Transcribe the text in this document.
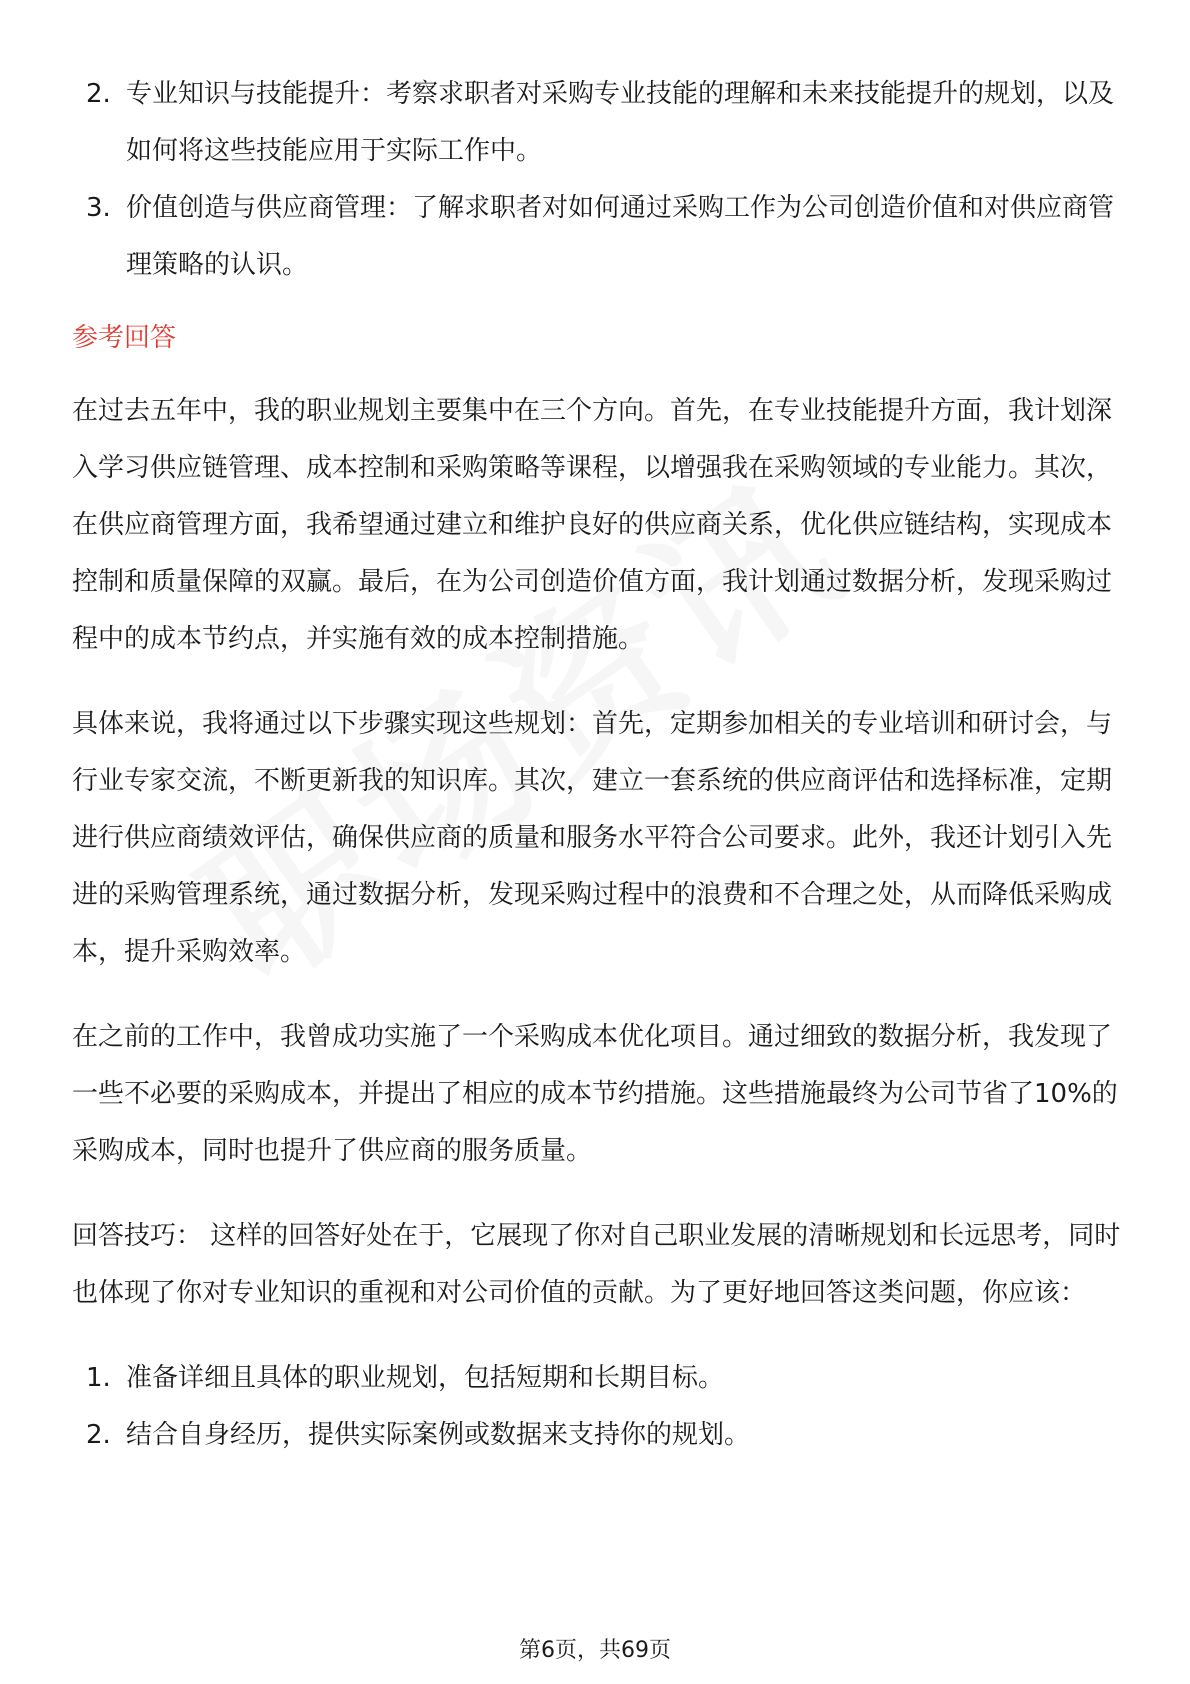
2. 专业知识与技能提升：考察求职者对采购专业技能的理解和未来技能提升的规划，以及如何将这些技能应用于实际工作中。
3. 价值创造与供应商管理：了解求职者对如何通过采购工作为公司创造价值和对供应商管理策略的认识。

参考回答

在过去五年中，我的职业规划主要集中在三个方向。首先，在专业技能提升方面，我计划深入学习供应链管理、成本控制和采购策略等课程，以增强我在采购领域的专业能力。其次，在供应商管理方面，我希望通过建立和维护良好的供应商关系，优化供应链结构，实现成本控制和质量保障的双赢。最后，在为公司创造价值方面，我计划通过数据分析，发现采购过程中的成本节约点，并实施有效的成本控制措施。

具体来说，我将通过以下步骤实现这些规划：首先，定期参加相关的专业培训和研讨会，与行业专家交流，不断更新我的知识库。其次，建立一套系统的供应商评估和选择标准，定期进行供应商绩效评估，确保供应商的质量和服务水平符合公司要求。此外，我还计划引入先进的采购管理系统，通过数据分析，发现采购过程中的浪费和不合理之处，从而降低采购成本，提升采购效率。

在之前的工作中，我曾成功实施了一个采购成本优化项目。通过细致的数据分析，我发现了一些不必要的采购成本，并提出了相应的成本节约措施。这些措施最终为公司节省了10%的采购成本，同时也提升了供应商的服务质量。

回答技巧： 这样的回答好处在于，它展现了你对自己职业发展的清晰规划和长远思考，同时也体现了你对专业知识的重视和对公司价值的贡献。为了更好地回答这类问题，你应该：

1. 准备详细且具体的职业规划，包括短期和长期目标。
2. 结合自身经历，提供实际案例或数据来支持你的规划。
第6页，共69页
